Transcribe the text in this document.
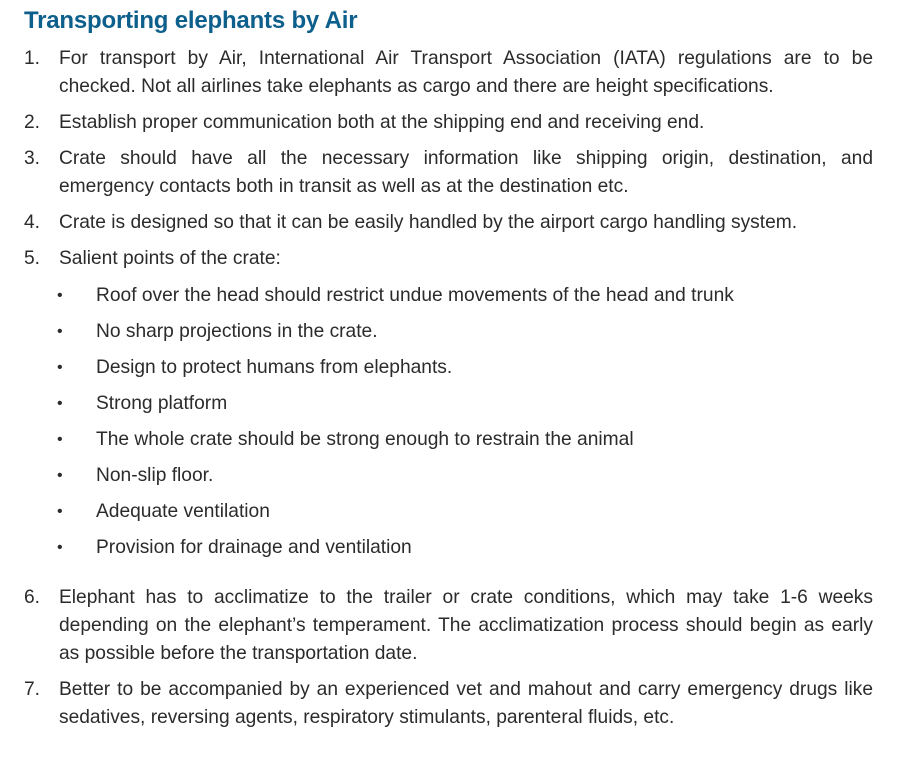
Transporting elephants by Air
1. For transport by Air, International Air Transport Association (IATA) regulations are to be checked. Not all airlines take elephants as cargo and there are height specifications.
2. Establish proper communication both at the shipping end and receiving end.
3. Crate should have all the necessary information like shipping origin, destination, and emergency contacts both in transit as well as at the destination etc.
4. Crate is designed so that it can be easily handled by the airport cargo handling system.
5. Salient points of the crate:
• Roof over the head should restrict undue movements of the head and trunk
• No sharp projections in the crate.
• Design to protect humans from elephants.
• Strong platform
• The whole crate should be strong enough to restrain the animal
• Non-slip floor.
• Adequate ventilation
• Provision for drainage and ventilation
6. Elephant has to acclimatize to the trailer or crate conditions, which may take 1-6 weeks depending on the elephant’s temperament. The acclimatization process should begin as early as possible before the transportation date.
7. Better to be accompanied by an experienced vet and mahout and carry emergency drugs like sedatives, reversing agents, respiratory stimulants, parenteral fluids, etc.
